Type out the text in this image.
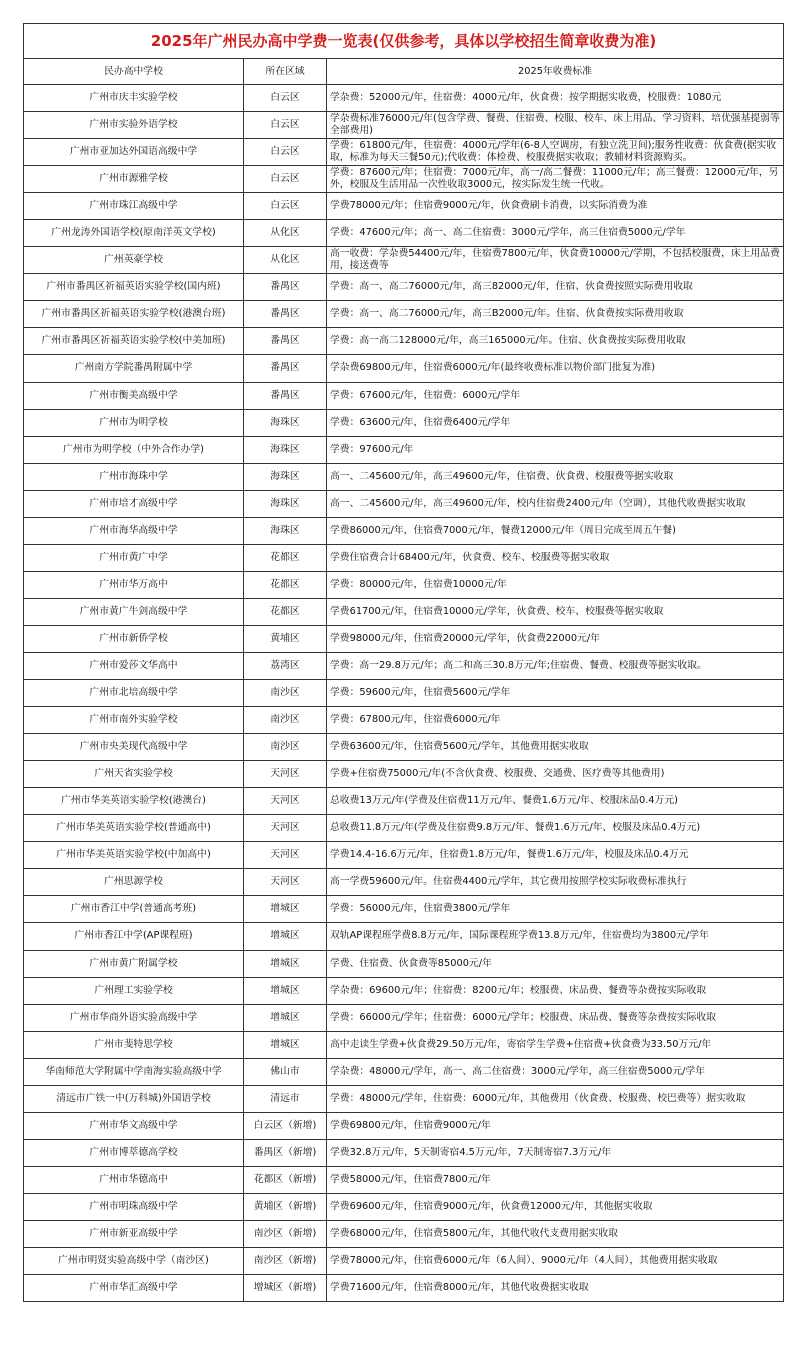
2025年广州民办高中学费一览表(仅供参考，具体以学校招生简章收费为准)		
民办高中学校	所在区域	2025年收费标准
广州市庆丰实验学校	白云区	学杂费：52000元/年，住宿费：4000元/年，伙食费：按学期据实收费，校服费：1080元
广州市实验外语学校	白云区	学杂费标准76000元/年(包含学费、餐费、住宿费、校服、校车、床上用品、学习资料、培优强基提弱等全部费用)
广州市亚加达外国语高级中学	白云区	学费：61800元/年，住宿费：4000元/学年(6-8人空调房，有独立洗卫间);服务性收费：伙食费(据实收取，标准为每天三餐50元);代收费：体检费、校服费据实收取；教辅材料资源购买。
广州市源雅学校	白云区	学费：87600元/年；住宿费：7000元/年，高一/高二餐费：11000元/年；高三餐费：12000元/年，另外，校服及生活用品一次性收取3000元，按实际发生统一代收。
广州市珠江高级中学	白云区	学费78000元/年；住宿费9000元/年，伙食费刷卡消费，以实际消费为准
广州龙涛外国语学校(原南洋英文学校)	从化区	学费：47600元/年；高一、高二住宿费：3000元/学年，高三住宿费5000元/学年
广州英豪学校	从化区	高一收费：学杂费54400元/年，住宿费7800元/年，伙食费10000元/学期，不包括校服费，床上用品费用，接送费等
广州市番禺区祈福英语实验学校(国内班)	番禺区	学费：高一、高二76000元/年，高三82000元/年，住宿、伙食费按照实际费用收取
广州市番禺区祈福英语实验学校(港澳台班)	番禺区	学费：高一、高二76000元/年，高三B2000元/年。住宿、伙食费按实际费用收取
广州市番禺区祈福英语实验学校(中美加班)	番禺区	学费：高一高二128000元/年，高三165000元/年。住宿、伙食费按实际费用收取
广州南方学院番禺附属中学	番禺区	学杂费69800元/年，住宿费6000元/年(最终收费标准以物价部门批复为准)
广州市衡美高级中学	番禺区	学费：67600元/年，住宿费：6000元/学年
广州市为明学校	海珠区	学费：63600元/年，住宿费6400元/学年
广州市为明学校（中外合作办学)	海珠区	学费：97600元/年
广州市海珠中学	海珠区	高一、二45600元/年，高三49600元/年，住宿费、伙食费、校服费等据实收取
广州市培才高级中学	海珠区	高一、二45600元/年，高三49600元/年，校内住宿费2400元/年（空调），其他代收费据实收取
广州市海华高级中学	海珠区	学费86000元/年，住宿费7000元/年，餐费12000元/年（周日完成至周五午餐)
广州市黄广中学	花都区	学费住宿费合计68400元/年，伙食费、校车、校服费等据实收取
广州市华万高中	花都区	学费：80000元/年，住宿费10000元/年
广州市黄广牛剑高级中学	花都区	学费61700元/年，住宿费10000元/学年，伙食费、校车、校服费等据实收取
广州市新侨学校	黄埔区	学费98000元/年，住宿费20000元/学年，伙食费22000元/年
广州市爱莎文华高中	荔湾区	学费：高一29.8万元/年；高二和高三30.8万元/年;住宿费、餐费、校服费等据实收取。
广州市北培高级中学	南沙区	学费：59600元/年，住宿费5600元/学年
广州市南外实验学校	南沙区	学费：67800元/年，住宿费6000元/年
广州市央美现代高级中学	南沙区	学费63600元/年，住宿费5600元/学年，其他费用据实收取
广州天省实验学校	天河区	学费+住宿费75000元/年(不含伙食费、校服费、交通费、医疗费等其他费用)
广州市华美英语实验学校(港澳台)	天河区	总收费13万元/年(学费及住宿费11万元/年、餐费1.6万元/年、校服床品0.4万元)
广州市华美英语实验学校(普通高中)	天河区	总收费11.8万元/年(学费及住宿费9.8万元/年、餐费1.6万元/年、校服及床品0.4万元)
广州市华美英语实验学校(中加高中)	天河区	学费14.4-16.6万元/年，住宿费1.8万元/年，餐费1.6万元/年，校服及床品0.4万元
广州思源学校	天河区	高一学费59600元/年。住宿费4400元/学年，其它费用按照学校实际收费标准执行
广州市香江中学(普通高考班)	增城区	学费：56000元/年，住宿费3800元/学年
广州市香江中学(AP课程班)	增城区	双轨AP课程班学费8.8万元/年，国际课程班学费13.8万元/年，住宿费均为3800元/学年
广州市黄广附属学校	增城区	学费、住宿费、伙食费等85000元/年
广州理工实验学校	增城区	学杂费：69600元/年；住宿费：8200元/年；校服费、床品费、餐费等杂费按实际收取
广州市华商外语实验高级中学	增城区	学费：66000元/学年；住宿费：6000元/学年；校服费、床品费、餐费等杂费按实际收取
广州市斐特思学校	增城区	高中走读生学费+伙食费29.50万元/年，寄宿学生学费+住宿费+伙食费为33.50万元/年
华南师范大学附属中学南海实验高级中学	佛山市	学杂费：48000元/学年，高一、高二住宿费：3000元/学年，高三住宿费5000元/学年
清远市广铁一中(万科城)外国语学校	清远市	学费：48000元/学年，住宿费：6000元/年，其他费用（伙食费、校服费、校巴费等）据实收取
广州市华文高级中学	白云区（新增)	学费69800元/年，住宿费9000元/年
广州市博萃德高学校	番禺区（新增)	学费32.8万元/年，5天制寄宿4.5万元/年，7天制寄宿7.3万元/年
广州市华德高中	花都区（新增)	学费58000元/年，住宿费7800元/年
广州市明珠高级中学	黄埔区（新增)	学费69600元/年，住宿费9000元/年，伙食费12000元/年，其他据实收取
广州市新亚高级中学	南沙区（新增)	学费68000元/年，住宿费5800元/年，其他代收代支费用据实收取
广州市明贤实验高级中学（南沙区)	南沙区（新增)	学费78000元/年，住宿费6000元/年（6人间）、9000元/年（4人间），其他费用据实收取
广州市华汇高级中学	增城区（新增)	学费71600元/年，住宿费8000元/年，其他代收费据实收取
